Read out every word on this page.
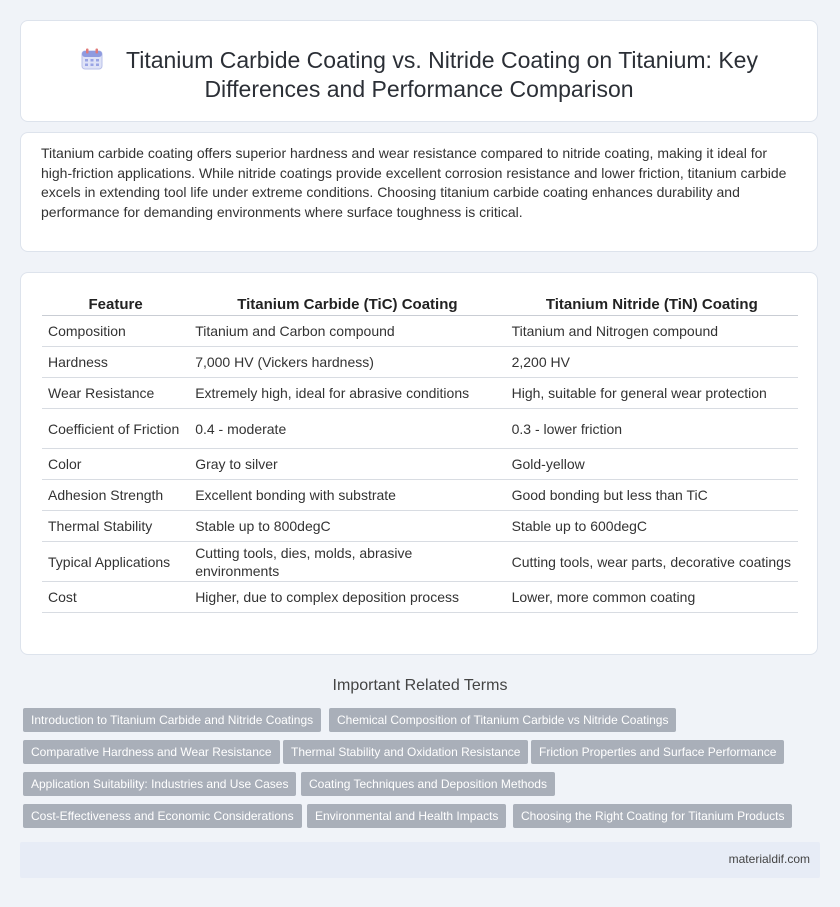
Titanium Carbide Coating vs. Nitride Coating on Titanium: Key Differences and Performance Comparison

Titanium carbide coating offers superior hardness and wear resistance compared to nitride coating, making it ideal for high-friction applications. While nitride coatings provide excellent corrosion resistance and lower friction, titanium carbide excels in extending tool life under extreme conditions. Choosing titanium carbide coating enhances durability and performance for demanding environments where surface toughness is critical.

Feature	Titanium Carbide (TiC) Coating	Titanium Nitride (TiN) Coating
Composition	Titanium and Carbon compound	Titanium and Nitrogen compound
Hardness	7,000 HV (Vickers hardness)	2,200 HV
Wear Resistance	Extremely high, ideal for abrasive conditions	High, suitable for general wear protection
Coefficient of Friction	0.4 - moderate	0.3 - lower friction
Color	Gray to silver	Gold-yellow
Adhesion Strength	Excellent bonding with substrate	Good bonding but less than TiC
Thermal Stability	Stable up to 800degC	Stable up to 600degC
Typical Applications	Cutting tools, dies, molds, abrasive environments	Cutting tools, wear parts, decorative coatings
Cost	Higher, due to complex deposition process	Lower, more common coating
Important Related Terms
Introduction to Titanium Carbide and Nitride Coatings	Chemical Composition of Titanium Carbide vs Nitride Coatings
Comparative Hardness and Wear Resistance	Thermal Stability and Oxidation Resistance	Friction Properties and Surface Performance
Application Suitability: Industries and Use Cases	Coating Techniques and Deposition Methods
Cost-Effectiveness and Economic Considerations	Environmental and Health Impacts	Choosing the Right Coating for Titanium Products
materialdif.com
